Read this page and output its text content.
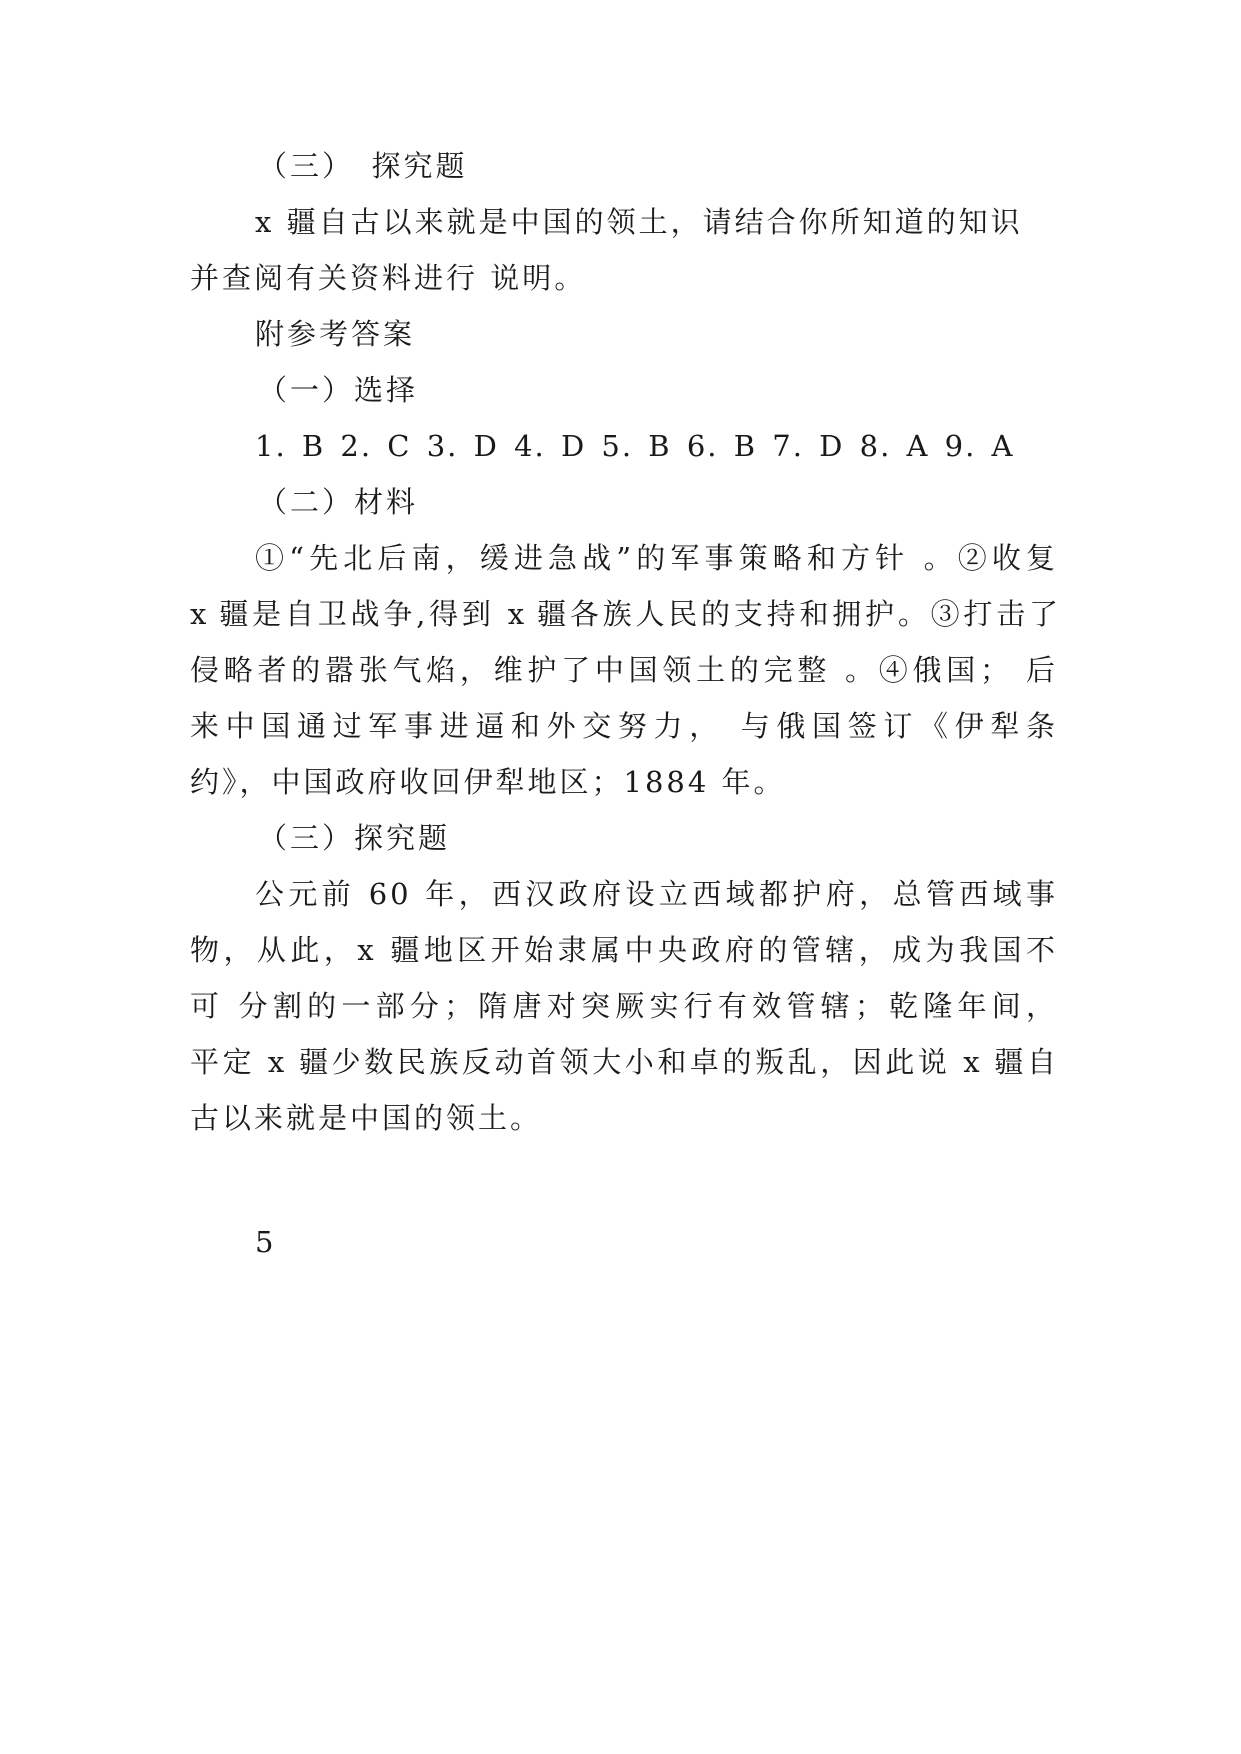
（三）　探究题
x 疆自古以来就是中国的领土，请结合你所知道的知识
并查阅有关资料进行 说明。
附参考答案
（一）选择
1. B 2. C 3. D 4. D 5. B 6. B 7. D 8. A 9. A
（二）材料
①“先北后南，缓进急战”的军事策略和方针 。②收复
x 疆是自卫战争,得到 x 疆各族人民的支持和拥护。③打击了
侵略者的嚣张气焰，维护了中国领土的完整 。④俄国； 后
来中国通过军事进逼和外交努力， 与俄国签订《伊犁条
约》，中国政府收回伊犁地区；1884 年。
（三）探究题
公元前 60 年，西汉政府设立西域都护府，总管西域事
物，从此，x 疆地区开始隶属中央政府的管辖，成为我国不
可 分割的一部分；隋唐对突厥实行有效管辖；乾隆年间，
平定 x 疆少数民族反动首领大小和卓的叛乱，因此说 x 疆自
古以来就是中国的领土。
5
